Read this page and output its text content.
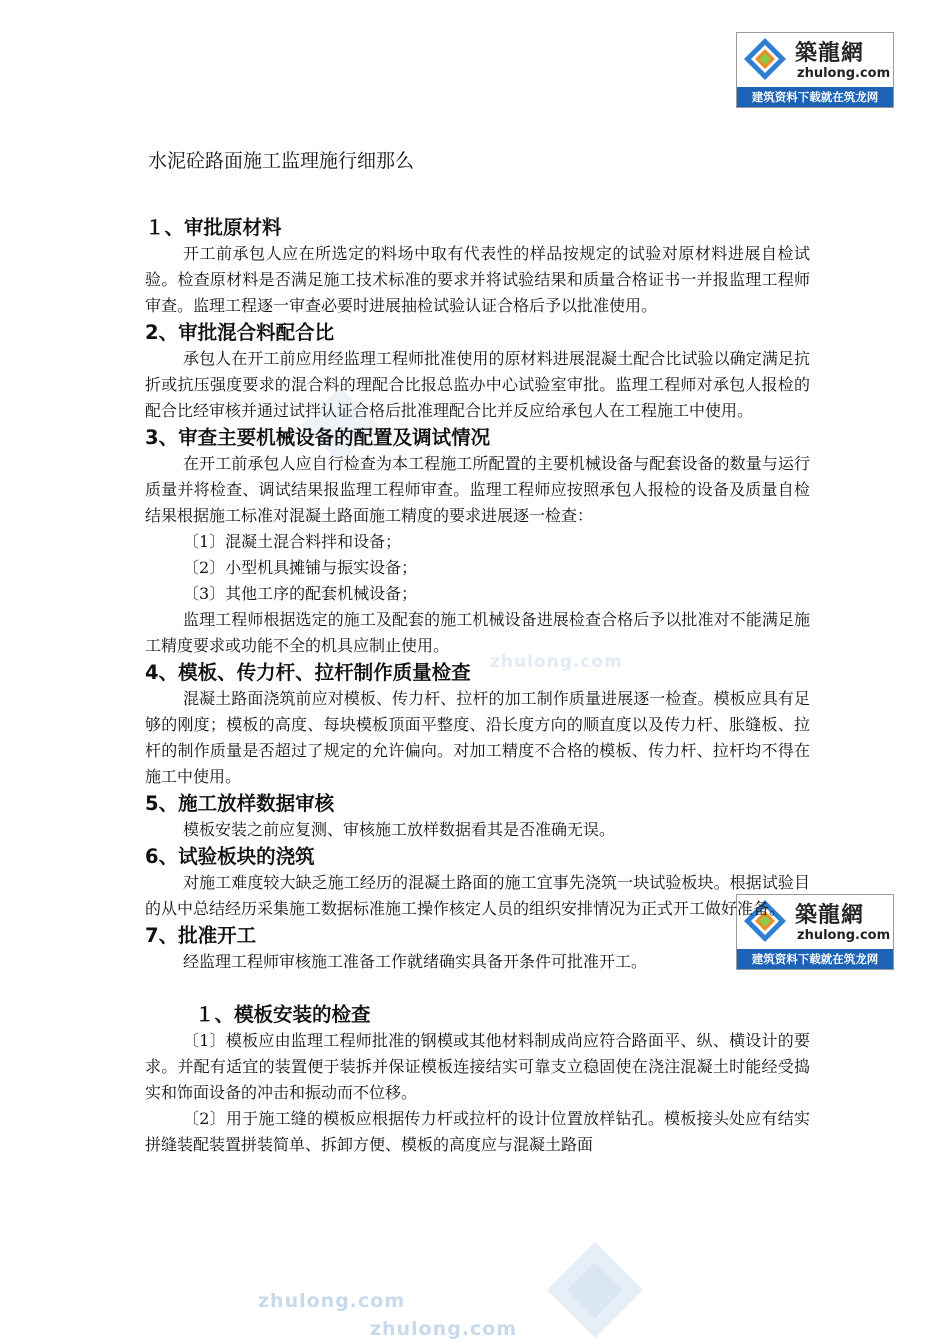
zhulong.com
zhulong.com
zhulong.com
築龍網
zhulong.com
建筑资料下载就在筑龙网
築龍網
zhulong.com
建筑资料下载就在筑龙网
水泥砼路面施工监理施行细那么
１、审批原材料

开工前承包人应在所选定的料场中取有代表性的样品按规定的试验对原材料进展自检试验。检查原材料是否满足施工技术标准的要求并将试验结果和质量合格证书一并报监理工程师审查。监理工程逐一审查必要时进展抽检试验认证合格后予以批准使用。

2、审批混合料配合比

承包人在开工前应用经监理工程师批准使用的原材料进展混凝土配合比试验以确定满足抗折或抗压强度要求的混合料的理配合比报总监办中心试验室审批。监理工程师对承包人报检的配合比经审核并通过试拌认证合格后批准理配合比并反应给承包人在工程施工中使用。

3、审查主要机械设备的配置及调试情况

在开工前承包人应自行检查为本工程施工所配置的主要机械设备与配套设备的数量与运行质量并将检查、调试结果报监理工程师审查。监理工程师应按照承包人报检的设备及质量自检结果根据施工标准对混凝土路面施工精度的要求进展逐一检查：

〔1〕混凝土混合料拌和设备；
〔2〕小型机具摊铺与振实设备；
〔3〕其他工序的配套机械设备；

监理工程师根据选定的施工及配套的施工机械设备进展检查合格后予以批准对不能满足施工精度要求或功能不全的机具应制止使用。

4、模板、传力杆、拉杆制作质量检查

混凝土路面浇筑前应对模板、传力杆、拉杆的加工制作质量进展逐一检查。模板应具有足够的刚度；模板的高度、每块模板顶面平整度、沿长度方向的顺直度以及传力杆、胀缝板、拉杆的制作质量是否超过了规定的允许偏向。对加工精度不合格的模板、传力杆、拉杆均不得在施工中使用。

5、施工放样数据审核

模板安装之前应复测、审核施工放样数据看其是否准确无误。

6、试验板块的浇筑

对施工难度较大缺乏施工经历的混凝土路面的施工宜事先浇筑一块试验板块。根据试验目的从中总结经历采集施工数据标准施工操作核定人员的组织安排情况为正式开工做好准备。

7、批准开工

经监理工程师审核施工准备工作就绪确实具备开条件可批准开工。

１、模板安装的检查

〔1〕模板应由监理工程师批准的钢模或其他材料制成尚应符合路面平、纵、横设计的要求。并配有适宜的装置便于装拆并保证模板连接结实可靠支立稳固使在浇注混凝土时能经受捣实和饰面设备的冲击和振动而不位移。

〔2〕用于施工缝的模板应根据传力杆或拉杆的设计位置放样钻孔。模板接头处应有结实拼缝装配装置拼装简单、拆卸方便、模板的高度应与混凝土路面
